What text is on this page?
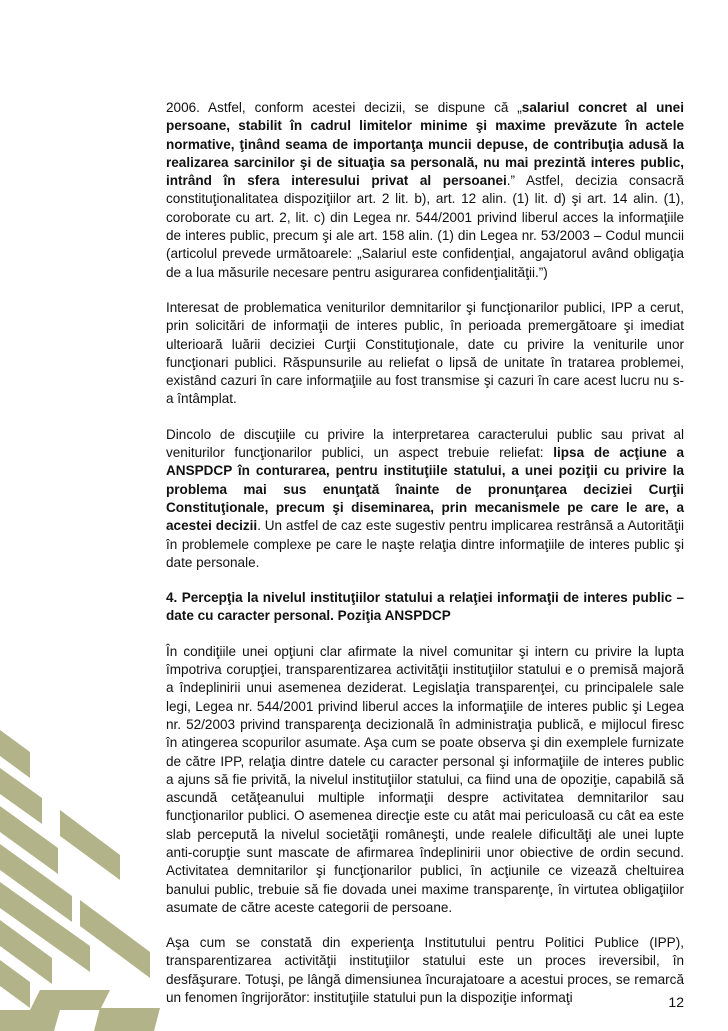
2006. Astfel, conform acestei decizii, se dispune că „salariul concret al unei persoane, stabilit în cadrul limitelor minime şi maxime prevăzute în actele normative, ţinând seama de importanţa muncii depuse, de contribuţia adusă la realizarea sarcinilor şi de situaţia sa personală, nu mai prezintă interes public, intrând în sfera interesului privat al persoanei.” Astfel, decizia consacră constituţionalitatea dispoziţiilor art. 2 lit. b), art. 12 alin. (1) lit. d) şi art. 14 alin. (1), coroborate cu art. 2, lit. c) din Legea nr. 544/2001 privind liberul acces la informaţiile de interes public, precum şi ale art. 158 alin. (1) din Legea nr. 53/2003 – Codul muncii (articolul prevede următoarele: „Salariul este confidenţial, angajatorul având obligaţia de a lua măsurile necesare pentru asigurarea confidenţialităţii.”)

Interesat de problematica veniturilor demnitarilor şi funcţionarilor publici, IPP a cerut, prin solicitări de informaţii de interes public, în perioada premergătoare şi imediat ulterioară luării deciziei Curţii Constituţionale, date cu privire la veniturile unor funcţionari publici. Răspunsurile au reliefat o lipsă de unitate în tratarea problemei, existând cazuri în care informaţiile au fost transmise şi cazuri în care acest lucru nu s-a întâmplat.

Dincolo de discuţiile cu privire la interpretarea caracterului public sau privat al veniturilor funcţionarilor publici, un aspect trebuie reliefat: lipsa de acţiune a ANSPDCP în conturarea, pentru instituţiile statului, a unei poziţii cu privire la problema mai sus enunţată înainte de pronunţarea deciziei Curţii Constituţionale, precum şi diseminarea, prin mecanismele pe care le are, a acestei decizii. Un astfel de caz este sugestiv pentru implicarea restrânsă a Autorităţii în problemele complexe pe care le naşte relaţia dintre informaţiile de interes public şi date personale.

4. Percepţia la nivelul instituţiilor statului a relaţiei informaţii de interes public – date cu caracter personal. Poziţia ANSPDCP

În condiţiile unei opţiuni clar afirmate la nivel comunitar şi intern cu privire la lupta împotriva corupţiei, transparentizarea activităţii instituţiilor statului e o premisă majoră a îndeplinirii unui asemenea deziderat. Legislaţia transparenţei, cu principalele sale legi, Legea nr. 544/2001 privind liberul acces la informaţiile de interes public şi Legea nr. 52/2003 privind transparenţa decizională în administraţia publică, e mijlocul firesc în atingerea scopurilor asumate. Aşa cum se poate observa şi din exemplele furnizate de către IPP, relaţia dintre datele cu caracter personal şi informaţiile de interes public a ajuns să fie privită, la nivelul instituţiilor statului, ca fiind una de opoziţie, capabilă să ascundă cetăţeanului multiple informaţii despre activitatea demnitarilor sau funcţionarilor publici. O asemenea direcţie este cu atât mai periculoasă cu cât ea este slab percepută la nivelul societăţii româneşti, unde realele dificultăţi ale unei lupte anti-corupţie sunt mascate de afirmarea îndeplinirii unor obiective de ordin secund. Activitatea demnitarilor şi funcţionarilor publici, în acţiunile ce vizează cheltuirea banului public, trebuie să fie dovada unei maxime transparenţe, în virtutea obligaţiilor asumate de către aceste categorii de persoane.

Aşa cum se constată din experienţa Institutului pentru Politici Publice (IPP), transparentizarea activităţii instituţiilor statului este un proces ireversibil, în desfăşurare. Totuşi, pe lângă dimensiunea încurajatoare a acestui proces, se remarcă un fenomen îngrijorător: instituţiile statului pun la dispoziţie informaţi	12
